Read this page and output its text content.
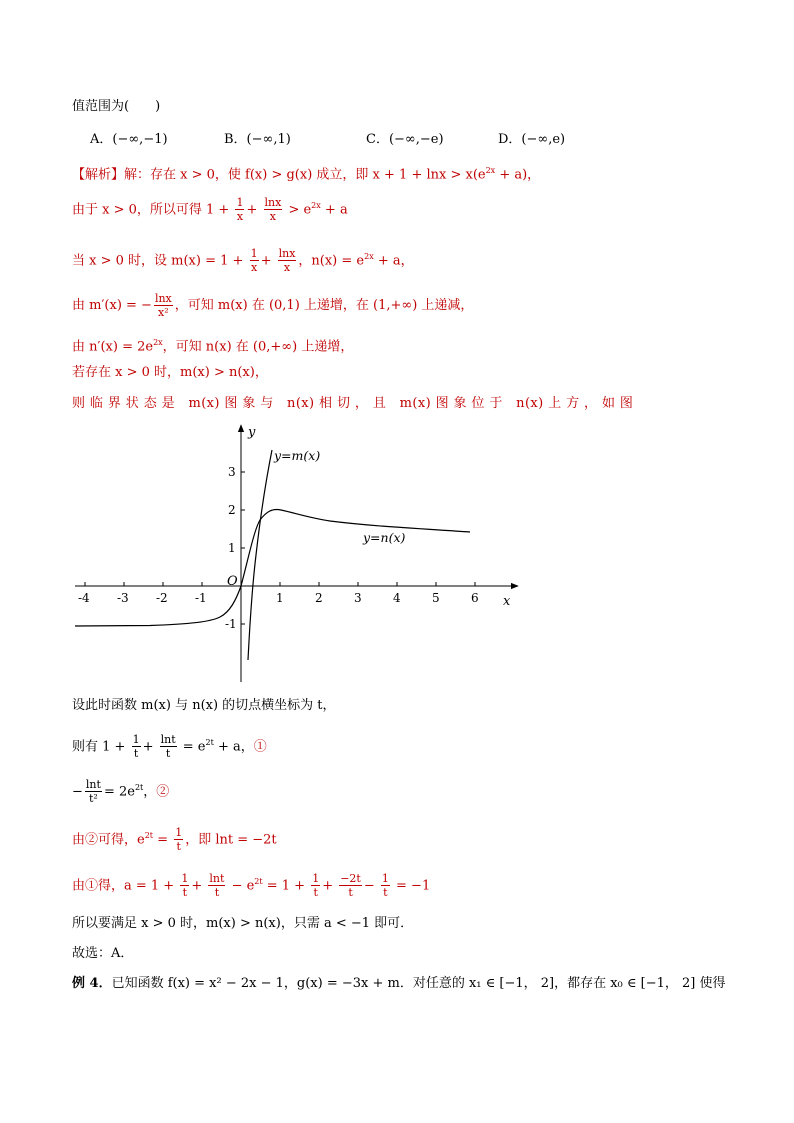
值范围为(　　)
A．(−∞,−1)	B．(−∞,1)	C．(−∞,−e)	D．(−∞,e)
【解析】解：存在 x > 0，使 f(x) > g(x) 成立，即 $x + 1 + \ln x > x(e^{2x} + a)$，
由于 x > 0，所以可得 $1 + \frac{1}{x} + \frac{\ln x}{x} > e^{2x} + a$
当 x > 0 时，设 $m(x) = 1 + \frac{1}{x} + \frac{\ln x}{x}$ ，$n(x) = e^{2x} + a$，
由 m′(x) = − $\frac{\ln x}{\text{x²}}$ ，可知 m(x) 在 (0,1) 上递增，在 (1,+∞) 上递减，
由 $n'(x) = 2e^{2x}$，可知 n(x) 在 (0,+∞) 上递增，
若存在 x > 0 时，m(x) > n(x)，
则 临 界 状 态 是　m(x) 图 象 与　n(x) 相 切 ， 且　m(x) 图 象 位 于　n(x) 上 方 ， 如 图
y
x
O
-4 -3 -2 -1	1	2	3	4	5	6
3
2
1
-1
y=m(x)
y=n(x)
设此时函数 m(x) 与 n(x) 的切点横坐标为 t，
则有 $1 + \frac{1}{t} + \frac{\ln t}{t} = e^{2t} + a$，①
− $\frac{\ln t}{\text{t²}} = 2e^{2t}$，②
由②可得，$e^{2t} = \frac{1}{t}$ ，即 lnt = −2t
由①得，$a = 1 + \frac{1}{t} + \frac{\ln t}{t} - e^{2t} = 1 + \frac{1}{t} + \frac{-2t}{t} - \frac{1}{t} = -1$
所以要满足 x > 0 时，m(x) > n(x)，只需 a < −1 即可．
故选：A．
例 4．已知函数 f(x) = x² − 2x − 1，g(x) = −3x + m．对任意的 x₁ ∈ [−1， 2]，都存在 x₀ ∈ [−1， 2] 使得
